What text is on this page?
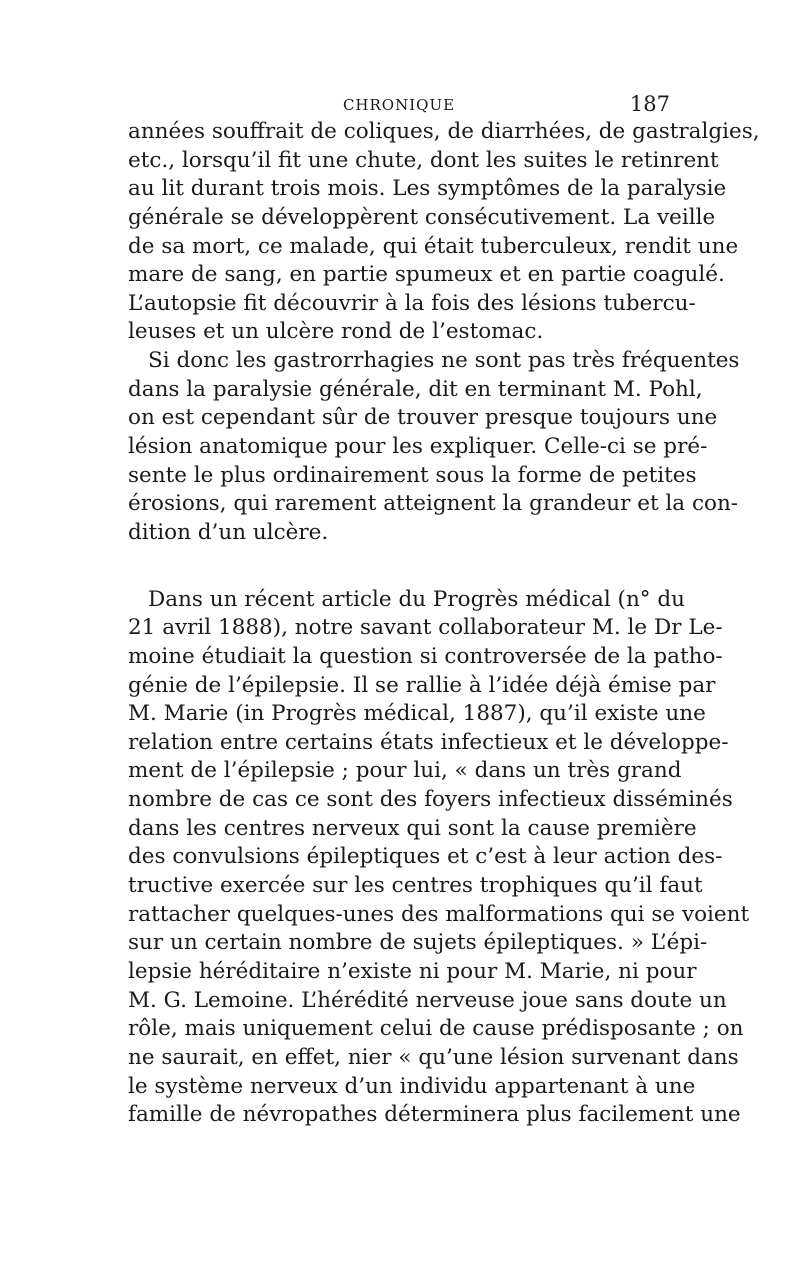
CHRONIQUE	187
années souffrait de coliques, de diarrhées, de gastralgies,
etc., lorsqu’il fit une chute, dont les suites le retinrent
au lit durant trois mois. Les symptômes de la paralysie
générale se développèrent consécutivement. La veille
de sa mort, ce malade, qui était tuberculeux, rendit une
mare de sang, en partie spumeux et en partie coagulé.
L’autopsie fit découvrir à la fois des lésions tubercu-
leuses et un ulcère rond de l’estomac.
Si donc les gastrorrhagies ne sont pas très fréquentes
dans la paralysie générale, dit en terminant M. Pohl,
on est cependant sûr de trouver presque toujours une
lésion anatomique pour les expliquer. Celle-ci se pré-
sente le plus ordinairement sous la forme de petites
érosions, qui rarement atteignent la grandeur et la con-
dition d’un ulcère.
Dans un récent article du Progrès médical (n° du
21 avril 1888), notre savant collaborateur M. le Dr Le-
moine étudiait la question si controversée de la patho-
génie de l’épilepsie. Il se rallie à l’idée déjà émise par
M. Marie (in Progrès médical, 1887), qu’il existe une
relation entre certains états infectieux et le développe-
ment de l’épilepsie ; pour lui, « dans un très grand
nombre de cas ce sont des foyers infectieux disséminés
dans les centres nerveux qui sont la cause première
des convulsions épileptiques et c’est à leur action des-
tructive exercée sur les centres trophiques qu’il faut
rattacher quelques-unes des malformations qui se voient
sur un certain nombre de sujets épileptiques. » L’épi-
lepsie héréditaire n’existe ni pour M. Marie, ni pour
M. G. Lemoine. L’hérédité nerveuse joue sans doute un
rôle, mais uniquement celui de cause prédisposante ; on
ne saurait, en effet, nier « qu’une lésion survenant dans
le système nerveux d’un individu appartenant à une
famille de névropathes déterminera plus facilement une
